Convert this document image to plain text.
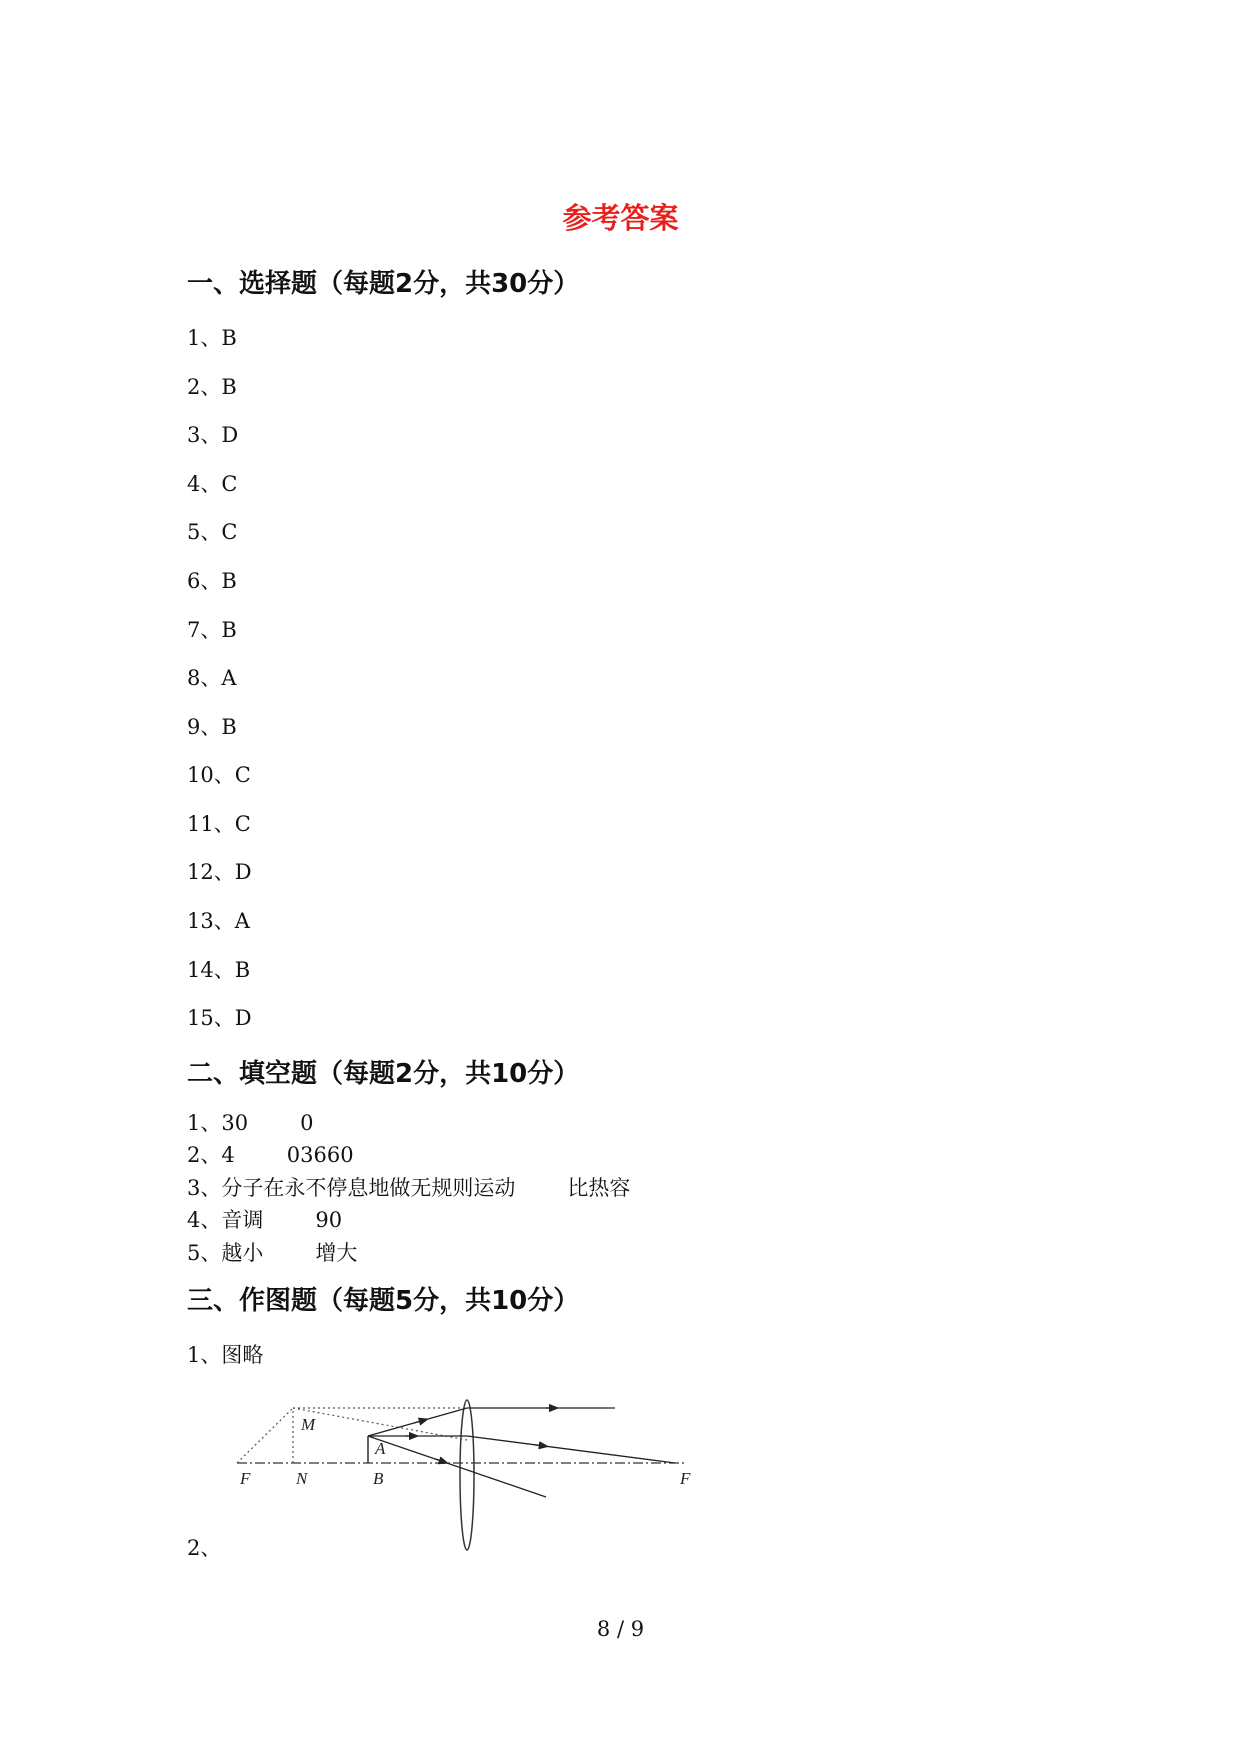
参考答案
一、选择题（每题2分，共30分）
1、B
2、B
3、D
4、C
5、C
6、B
7、B
8、A
9、B
10、C
11、C
12、D
13、A
14、B
15、D
二、填空题（每题2分，共10分）
1、30 0
2、4 03660
3、分子在永不停息地做无规则运动 比热容
4、音调 90
5、越小 增大
三、作图题（每题5分，共10分）
1、图略
M
A
F	N	B	F
2、
8 / 9
